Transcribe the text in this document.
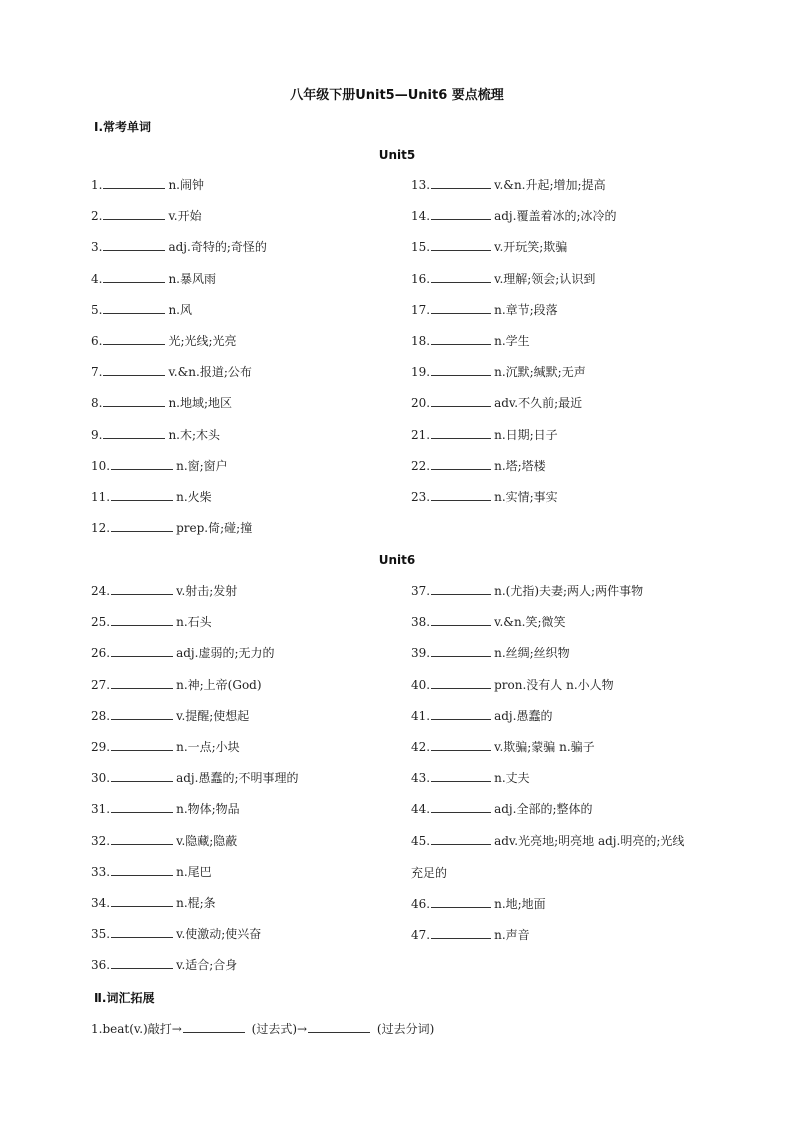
八年级下册Unit5—Unit6 要点梳理
Ⅰ.常考单词
Unit5
1.	n.闹钟
2.	v.开始
3.	adj.奇特的;奇怪的
4.	n.暴风雨
5.	n.风
6.	光;光线;光亮
7.	v.&n.报道;公布
8.	n.地域;地区
9.	n.木;木头
10.	n.窗;窗户
11.	n.火柴
12.	prep.倚;碰;撞
13.	v.&n.升起;增加;提高
14.	adj.覆盖着冰的;冰冷的
15.	v.开玩笑;欺骗
16.	v.理解;领会;认识到
17.	n.章节;段落
18.	n.学生
19.	n.沉默;缄默;无声
20.	adv.不久前;最近
21.	n.日期;日子
22.	n.塔;塔楼
23.	n.实情;事实
Unit6
24.	v.射击;发射
25.	n.石头
26.	adj.虚弱的;无力的
27.	n.神;上帝(God)
28.	v.提醒;使想起
29.	n.一点;小块
30.	adj.愚蠢的;不明事理的
31.	n.物体;物品
32.	v.隐藏;隐蔽
33.	n.尾巴
34.	n.棍;条
35.	v.使激动;使兴奋
36.	v.适合;合身
37.	n.(尤指)夫妻;两人;两件事物
38.	v.&n.笑;微笑
39.	n.丝绸;丝织物
40.	pron.没有人 n.小人物
41.	adj.愚蠢的
42.	v.欺骗;蒙骗 n.骗子
43.	n.丈夫
44.	adj.全部的;整体的
45.	adv.光亮地;明亮地 adj.明亮的;光线
46.	n.地;地面
47.	n.声音
充足的
Ⅱ.词汇拓展
1.beat(v.)敲打→	(过去式)→	(过去分词)
